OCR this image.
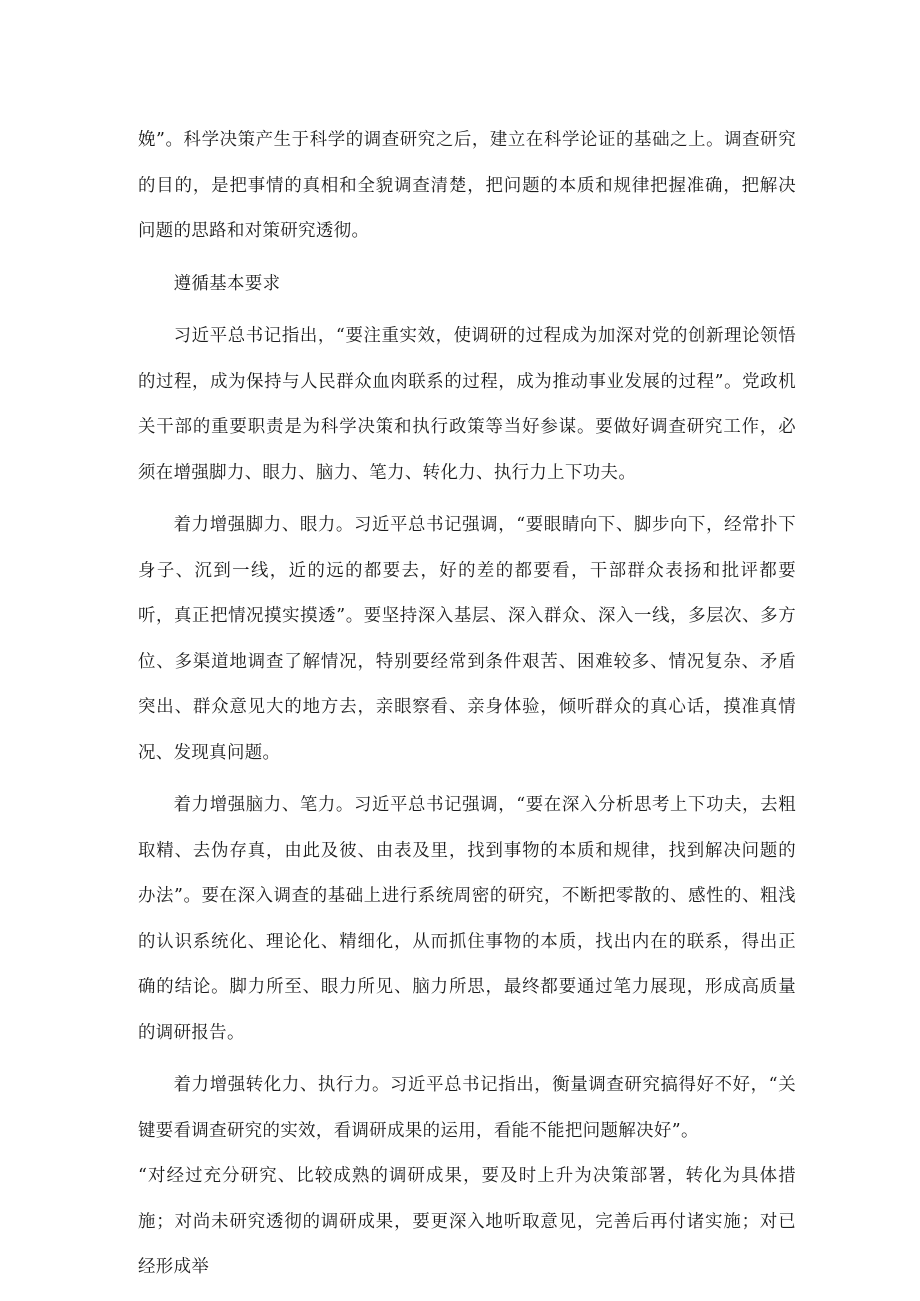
娩”。科学决策产生于科学的调查研究之后，建立在科学论证的基础之上。调查研究的目的，是把事情的真相和全貌调查清楚，把问题的本质和规律把握准确，把解决问题的思路和对策研究透彻。

遵循基本要求

习近平总书记指出，“要注重实效，使调研的过程成为加深对党的创新理论领悟的过程，成为保持与人民群众血肉联系的过程，成为推动事业发展的过程”。党政机关干部的重要职责是为科学决策和执行政策等当好参谋。要做好调查研究工作，必须在增强脚力、眼力、脑力、笔力、转化力、执行力上下功夫。

着力增强脚力、眼力。习近平总书记强调，“要眼睛向下、脚步向下，经常扑下身子、沉到一线，近的远的都要去，好的差的都要看，干部群众表扬和批评都要听，真正把情况摸实摸透”。要坚持深入基层、深入群众、深入一线，多层次、多方位、多渠道地调查了解情况，特别要经常到条件艰苦、困难较多、情况复杂、矛盾突出、群众意见大的地方去，亲眼察看、亲身体验，倾听群众的真心话，摸准真情况、发现真问题。

着力增强脑力、笔力。习近平总书记强调，“要在深入分析思考上下功夫，去粗取精、去伪存真，由此及彼、由表及里，找到事物的本质和规律，找到解决问题的办法”。要在深入调查的基础上进行系统周密的研究，不断把零散的、感性的、粗浅的认识系统化、理论化、精细化，从而抓住事物的本质，找出内在的联系，得出正确的结论。脚力所至、眼力所见、脑力所思，最终都要通过笔力展现，形成高质量的调研报告。

着力增强转化力、执行力。习近平总书记指出，衡量调查研究搞得好不好，“关键要看调查研究的实效，看调研成果的运用，看能不能把问题解决好”。

“对经过充分研究、比较成熟的调研成果，要及时上升为决策部署，转化为具体措施；对尚未研究透彻的调研成果，要更深入地听取意见，完善后再付诸实施；对已经形成举
